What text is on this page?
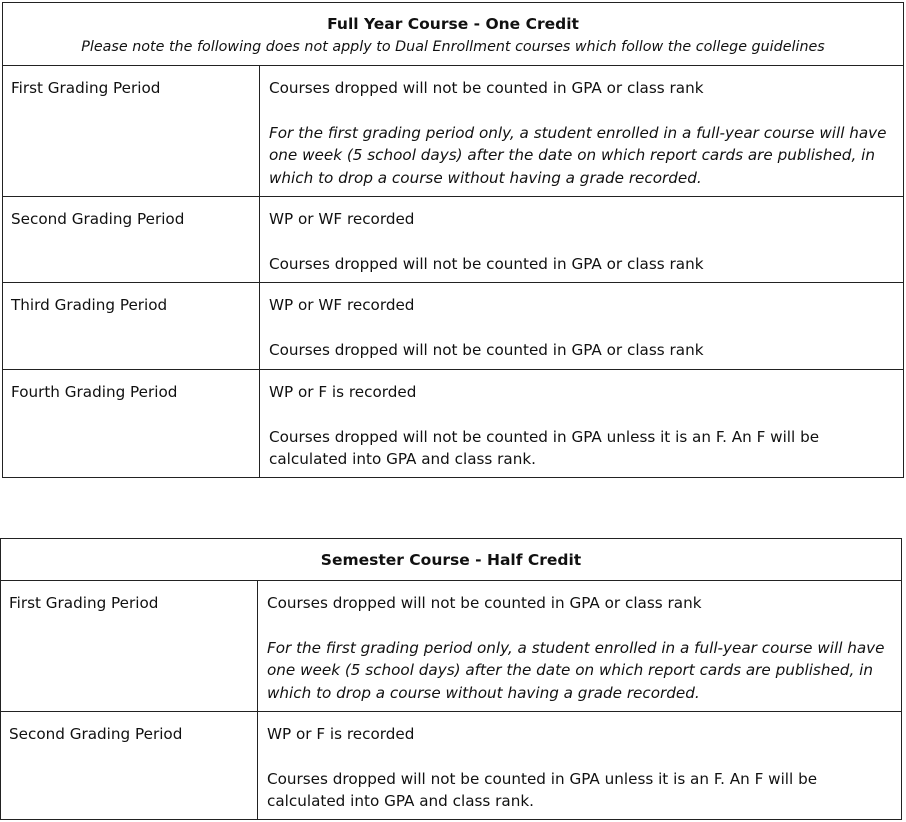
Full Year Course - One Credit
Please note the following does not apply to Dual Enrollment courses which follow the college guidelines	

First Grading Period	Courses dropped will not be counted in GPA or class rank

For the first grading period only, a student enrolled in a full-year course will have one week (5 school days) after the date on which report cards are published, in which to drop a course without having a grade recorded.

Second Grading Period	WP or WF recorded

Courses dropped will not be counted in GPA or class rank

Third Grading Period	WP or WF recorded

Courses dropped will not be counted in GPA or class rank

Fourth Grading Period	WP or F is recorded

Courses dropped will not be counted in GPA unless it is an F. An F will be calculated into GPA and class rank.

Semester Course - Half Credit	

First Grading Period	Courses dropped will not be counted in GPA or class rank

For the first grading period only, a student enrolled in a full-year course will have one week (5 school days) after the date on which report cards are published, in which to drop a course without having a grade recorded.

Second Grading Period	WP or F is recorded

Courses dropped will not be counted in GPA unless it is an F. An F will be calculated into GPA and class rank.
